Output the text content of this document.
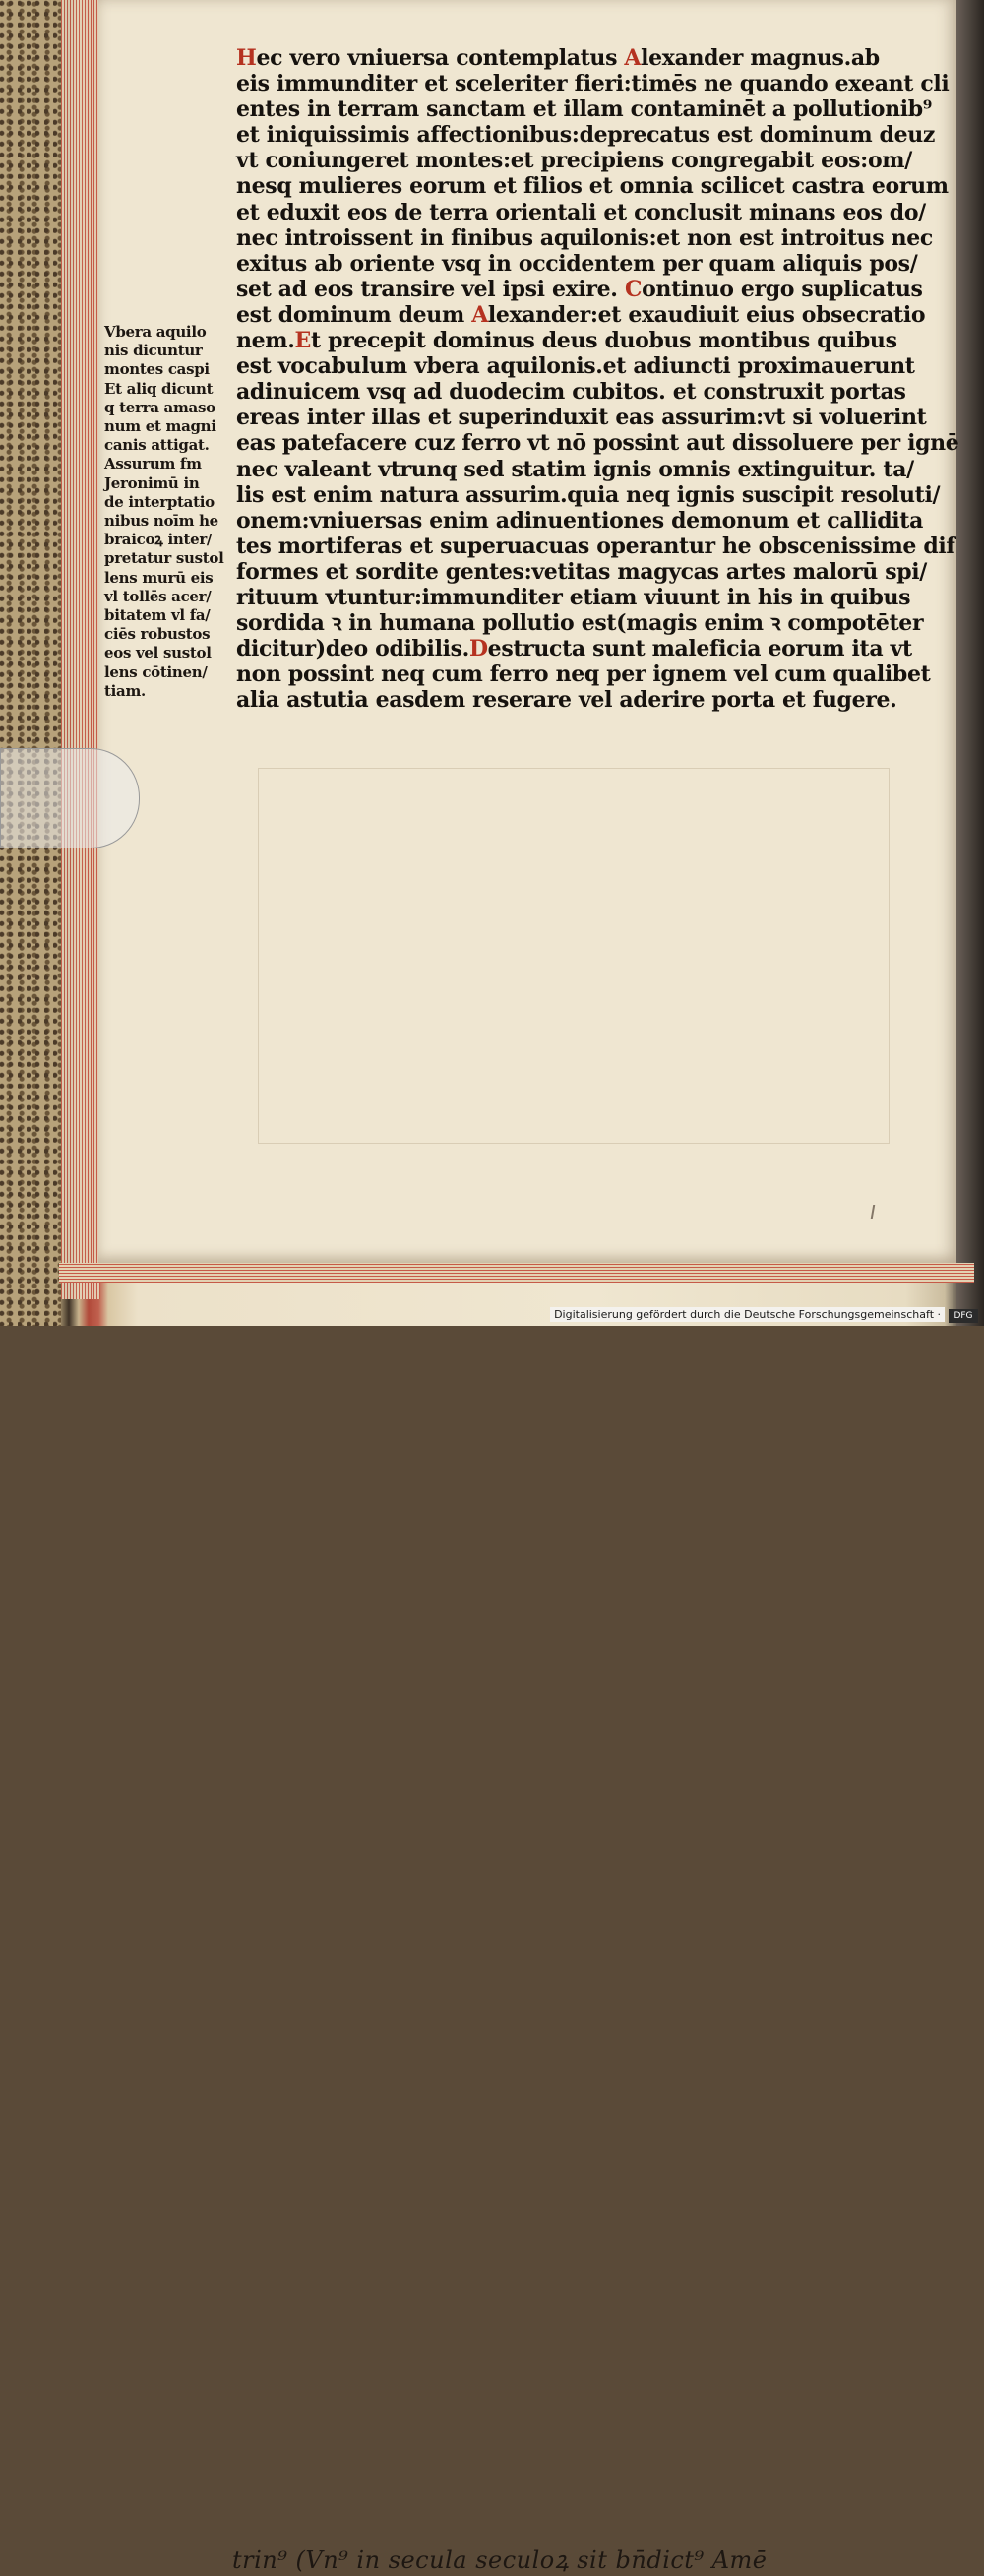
Vbera aquilo
nis dicuntur
montes caspi
Et aliq dicunt
q terra amaso
num et magni
canis attigat.
Assurum fm
Jeronimū in
de interptatio
nibus noīm he
braicoꝝ inter/
pretatur sustol
lens murū eis
vl tollēs acer/
bitatem vl fa/
ciēs robustos
eos vel sustol
lens cōtinen/
tiam.
Hec vero vniuersa contemplatus Alexander magnus.ab
eis immunditer et sceleriter fieri:timēs ne quando exeant cli
entes in terram sanctam et illam contaminēt a pollutionib⁹
et iniquissimis affectionibus:deprecatus est dominum deuz
vt coniungeret montes:et precipiens congregabit eos:om/
nesq mulieres eorum et filios et omnia scilicet castra eorum
et eduxit eos de terra orientali et conclusit minans eos do/
nec introissent in finibus aquilonis:et non est introitus nec
exitus ab oriente vsq in occidentem per quam aliquis pos/
set ad eos transire vel ipsi exire. Continuo ergo suplicatus
est dominum deum Alexander:et exaudiuit eius obsecratio
nem.Et precepit dominus deus duobus montibus quibus
est vocabulum vbera aquilonis.et adiuncti proximauerunt
adinuicem vsq ad duodecim cubitos. et construxit portas
ereas inter illas et superinduxit eas assurim:vt si voluerint
eas patefacere cuz ferro vt nō possint aut dissoluere per ignē
nec valeant vtrunq sed statim ignis omnis extinguitur. ta/
lis est enim natura assurim.quia neq ignis suscipit resoluti/
onem:vniuersas enim adinuentiones demonum et callidita
tes mortiferas et superuacuas operantur he obscenissime dif
formes et sordite gentes:vetitas magycas artes malorū spi/
rituum vtuntur:immunditer etiam viuunt in his in quibus
sordida ꝛ in humana pollutio est(magis enim ꝛ compotēter
dicitur)deo odibilis.Destructa sunt maleficia eorum ita vt
non possint neq cum ferro neq per ignem vel cum qualibet
alia astutia easdem reserare vel aderire porta et fugere.
trin⁹ (Vn⁹ in secula seculoꝝ sit bn̄dict⁹ Amē
Digitalisierung gefördert durch die Deutsche Forschungsgemeinschaft ·	DFG
